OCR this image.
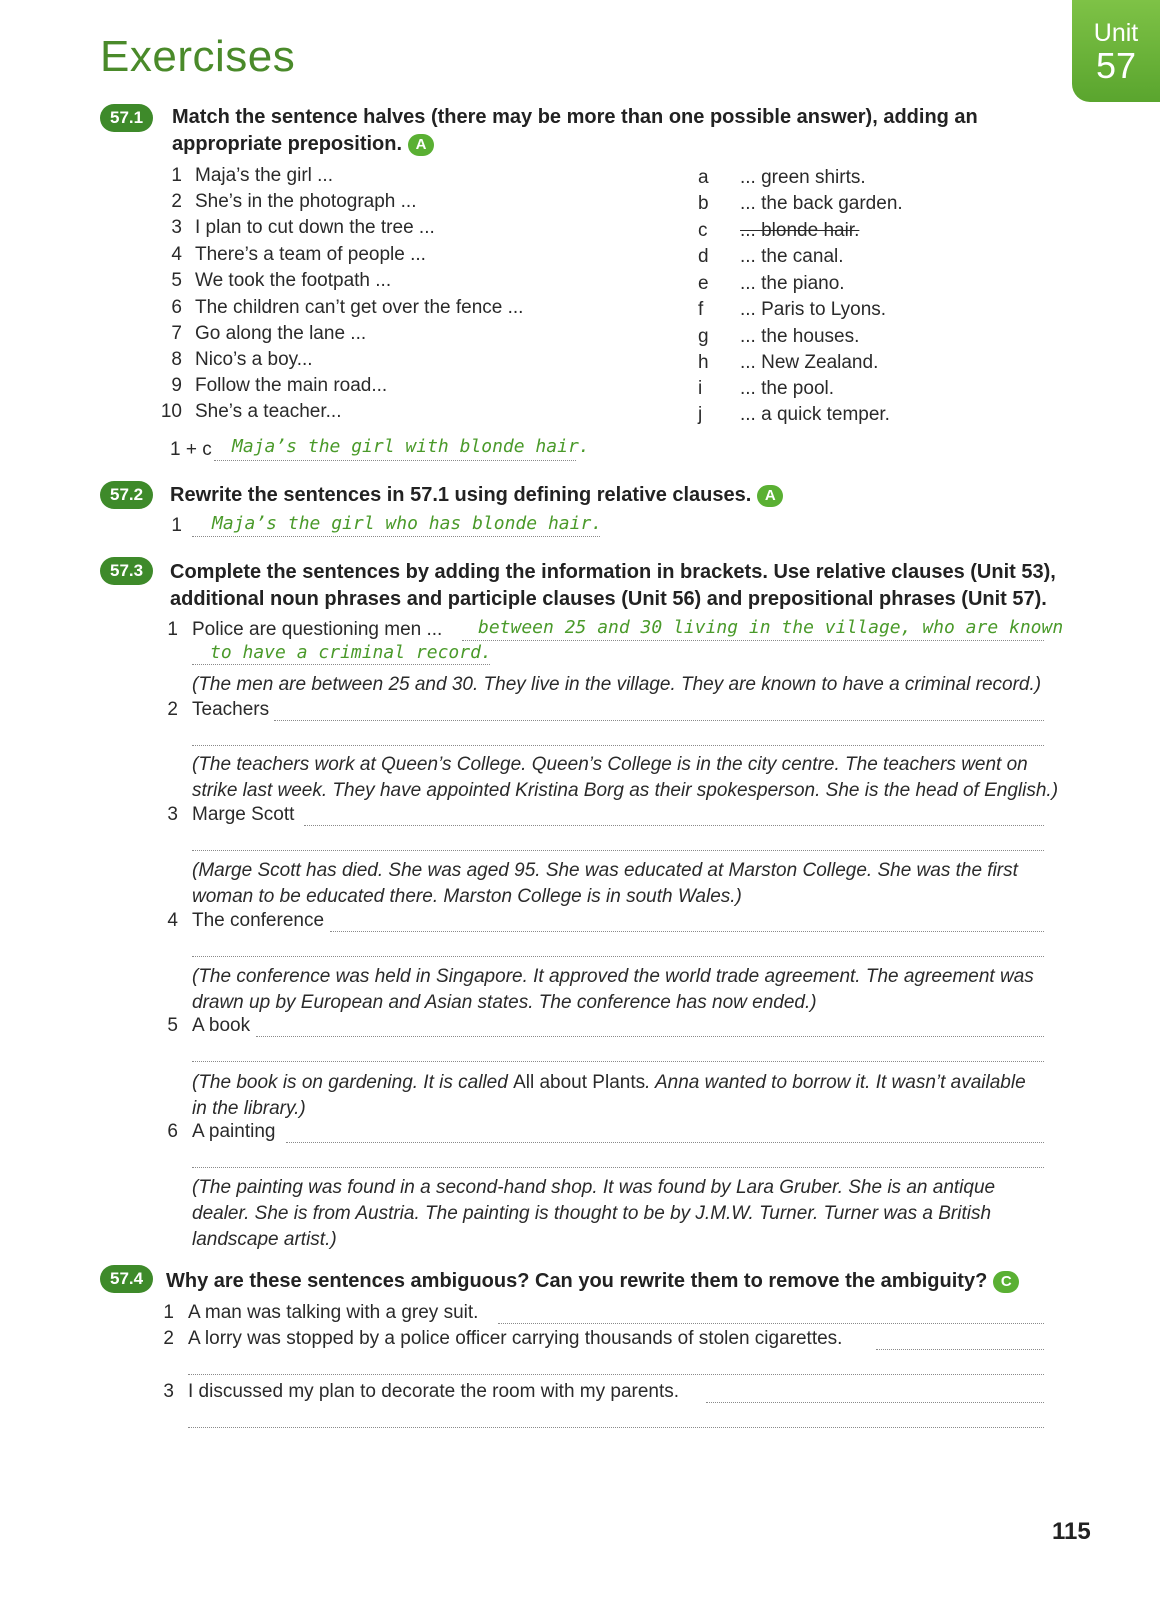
Exercises	Unit
57
57.1	Match the sentence halves (there may be more than one possible answer), adding an appropriate preposition. A
1 Maja’s the girl ...
2 She’s in the photograph ...
3 I plan to cut down the tree ...
4 There’s a team of people ...
5 We took the footpath ...
6 The children can’t get over the fence ...
7 Go along the lane ...
8 Nico’s a boy...
9 Follow the main road...
10 She’s a teacher...
a ... green shirts.
b ... the back garden.
c ... blonde hair.
d ... the canal.
e ... the piano.
f ... Paris to Lyons.
g ... the houses.
h ... New Zealand.
i ... the pool.
j ... a quick temper.
1 + c Maja’s the girl with blonde hair.
57.2	Rewrite the sentences in 57.1 using defining relative clauses. A
1 Maja’s the girl who has blonde hair.
57.3	Complete the sentences by adding the information in brackets. Use relative clauses (Unit 53),
additional noun phrases and participle clauses (Unit 56) and prepositional phrases (Unit 57).
1 Police are questioning men ... between 25 and 30 living in the village, who are known
to have a criminal record.
(The men are between 25 and 30. They live in the village. They are known to have a criminal record.)
2 Teachers
(The teachers work at Queen’s College. Queen’s College is in the city centre. The teachers went on
strike last week. They have appointed Kristina Borg as their spokesperson. She is the head of English.)
3 Marge Scott
(Marge Scott has died. She was aged 95. She was educated at Marston College. She was the first
woman to be educated there. Marston College is in south Wales.)
4 The conference
(The conference was held in Singapore. It approved the world trade agreement. The agreement was
drawn up by European and Asian states. The conference has now ended.)
5 A book
(The book is on gardening. It is called All about Plants. Anna wanted to borrow it. It wasn’t available
in the library.)
6 A painting
(The painting was found in a second-hand shop. It was found by Lara Gruber. She is an antique
dealer. She is from Austria. The painting is thought to be by J.M.W. Turner. Turner was a British
landscape artist.)
57.4	Why are these sentences ambiguous? Can you rewrite them to remove the ambiguity? C
1 A man was talking with a grey suit.
2 A lorry was stopped by a police officer carrying thousands of stolen cigarettes.
3 I discussed my plan to decorate the room with my parents.
115
